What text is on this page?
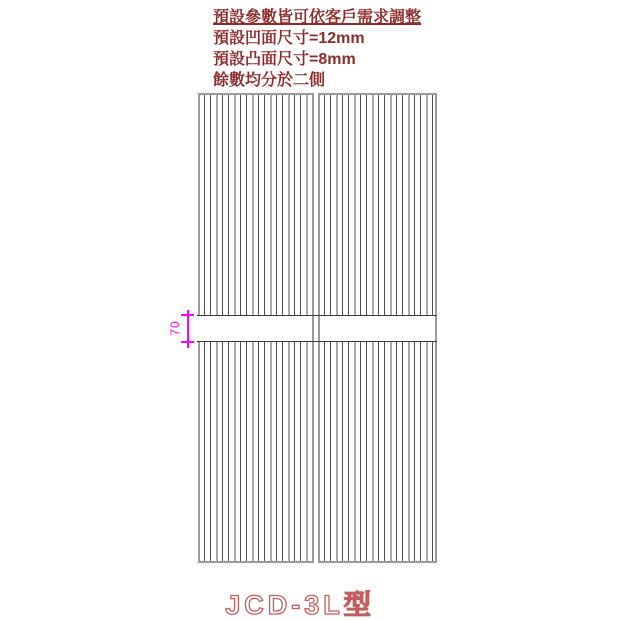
預設參數皆可依客戶需求調整
預設凹面尺寸=12mm
預設凸面尺寸=8mm
餘數均分於二側
70
JCD-3L型
